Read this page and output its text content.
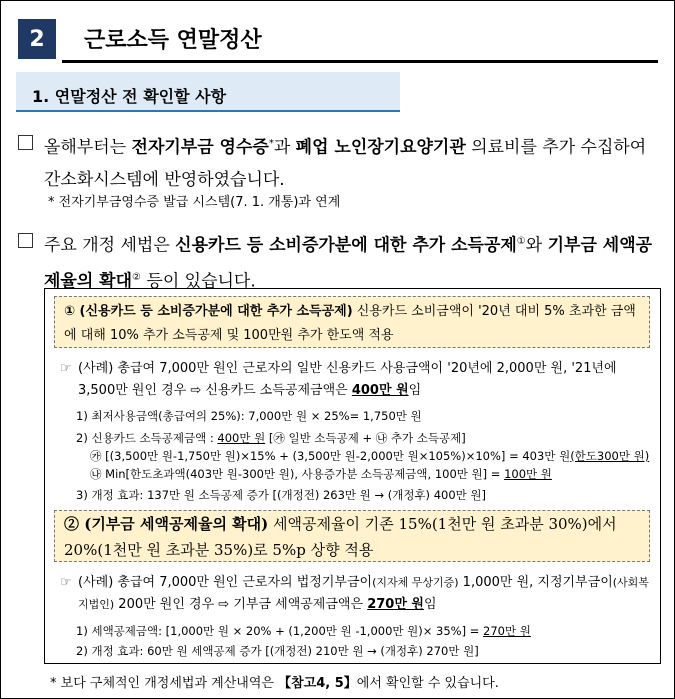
2 근로소득 연말정산
1. 연말정산 전 확인할 사항
올해부터는 전자기부금 영수증*과 폐업 노인장기요양기관 의료비를 추가 수집하여 간소화시스템에 반영하였습니다.
* 전자기부금영수증 발급 시스템(7. 1. 개통)과 연계
주요 개정 세법은 신용카드 등 소비증가분에 대한 추가 소득공제①와 기부금 세액공제율의 확대② 등이 있습니다.
① (신용카드 등 소비증가분에 대한 추가 소득공제) 신용카드 소비금액이 '20년 대비 5% 초과한 금액에 대해 10% 추가 소득공제 및 100만원 추가 한도액 적용
☞ (사례) 총급여 7,000만 원인 근로자의 일반 신용카드 사용금액이 '20년에 2,000만 원, '21년에 3,500만 원인 경우 ⇨ 신용카드 소득공제금액은 400만 원임
1) 최저사용금액(총급여의 25%): 7,000만 원 × 25%= 1,750만 원
2) 신용카드 소득공제금액 : 400만 원 [㉮ 일반 소득공제 + ㉯ 추가 소득공제]
㉮ [(3,500만 원-1,750만 원)×15% + (3,500만 원-2,000만 원×105%)×10%] = 403만 원(한도300만 원)
㉯ Min[한도초과액(403만 원-300만 원), 사용증가분 소득공제금액, 100만 원] = 100만 원
3) 개정 효과: 137만 원 소득공제 증가 [(개정전) 263만 원 → (개정후) 400만 원]
② (기부금 세액공제율의 확대) 세액공제율이 기존 15%(1천만 원 초과분 30%)에서 20%(1천만 원 초과분 35%)로 5%p 상향 적용
☞ (사례) 총급여 7,000만 원인 근로자의 법정기부금이(지자체 무상기증) 1,000만 원, 지정기부금이(사회복지법인) 200만 원인 경우 ⇨ 기부금 세액공제금액은 270만 원임
1) 세액공제금액: [1,000만 원 × 20% + (1,200만 원 -1,000만 원)× 35%] = 270만 원
2) 개정 효과: 60만 원 세액공제 증가 [(개정전) 210만 원 → (개정후) 270만 원]
* 보다 구체적인 개정세법과 계산내역은 【참고4, 5】에서 확인할 수 있습니다.
